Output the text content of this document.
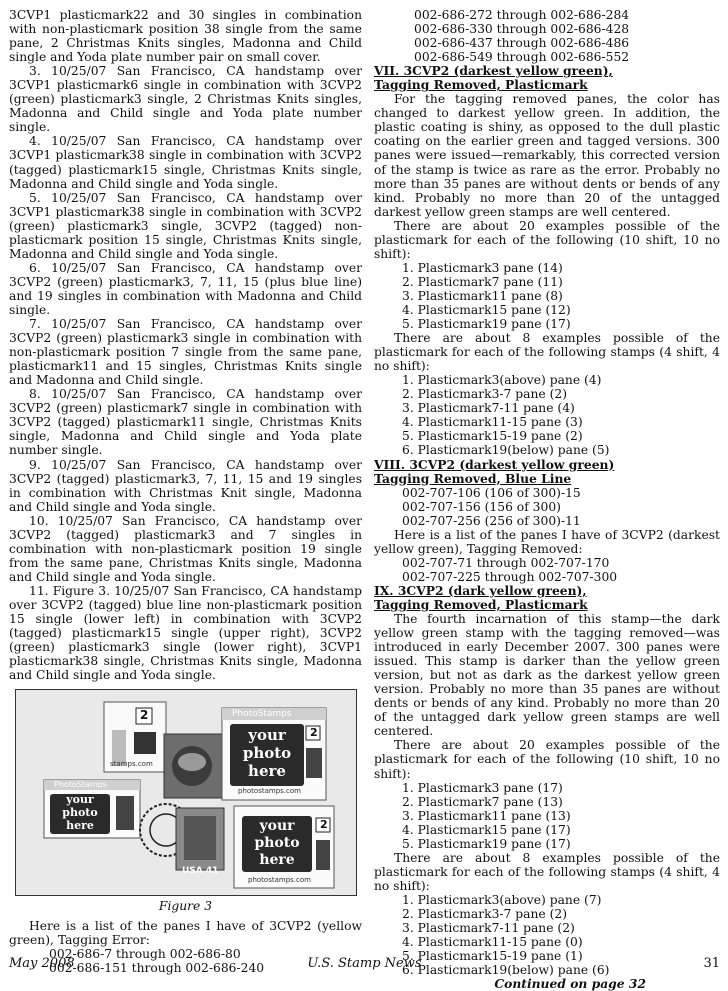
3CVP1 plasticmark22 and 30 singles in combination with non-plasticmark position 38 single from the same pane, 2 Christmas Knits singles, Madonna and Child single and Yoda plate number pair on small cover.

3. 10/25/07 San Francisco, CA handstamp over 3CVP1 plasticmark6 single in combination with 3CVP2 (green) plasticmark3 single, 2 Christmas Knits singles, Madonna and Child single and Yoda plate number single.

4. 10/25/07 San Francisco, CA handstamp over 3CVP1 plasticmark38 single in combination with 3CVP2 (tagged) plasticmark15 single, Christmas Knits single, Madonna and Child single and Yoda single.

5. 10/25/07 San Francisco, CA handstamp over 3CVP1 plasticmark38 single in combination with 3CVP2 (green) plasticmark3 single, 3CVP2 (tagged) non-plasticmark position 15 single, Christmas Knits single, Madonna and Child single and Yoda single.

6. 10/25/07 San Francisco, CA handstamp over 3CVP2 (green) plasticmark3, 7, 11, 15 (plus blue line) and 19 singles in combination with Madonna and Child single.

7. 10/25/07 San Francisco, CA handstamp over 3CVP2 (green) plasticmark3 single in combination with non-plasticmark position 7 single from the same pane, plasticmark11 and 15 singles, Christmas Knits single and Madonna and Child single.

8. 10/25/07 San Francisco, CA handstamp over 3CVP2 (green) plasticmark7 single in combination with 3CVP2 (tagged) plasticmark11 single, Christmas Knits single, Madonna and Child single and Yoda plate number single.

9. 10/25/07 San Francisco, CA handstamp over 3CVP2 (tagged) plasticmark3, 7, 11, 15 and 19 singles in combination with Christmas Knit single, Madonna and Child single and Yoda single.

10. 10/25/07 San Francisco, CA handstamp over 3CVP2 (tagged) plasticmark3 and 7 singles in combination with non-plasticmark position 19 single from the same pane, Christmas Knits single, Madonna and Child single and Yoda single.

11. Figure 3. 10/25/07 San Francisco, CA handstamp over 3CVP2 (tagged) blue line non-plasticmark position 15 single (lower left) in combination with 3CVP2 (tagged) plasticmark15 single (upper right), 3CVP2 (green) plasticmark3 single (lower right), 3CVP1 plasticmark38 single, Christmas Knits single, Madonna and Child single and Yoda single.

2	PhotoStamps
2
your
photo
here
photostamps.com
PhotoStamps
your
photo
here	your
photo
here
2
photostamps.com
USA 41
stamps.com
Figure 3

Here is a list of the panes I have of 3CVP2 (yellow green), Tagging Error:

002-686-7 through 002-686-80
002-686-151 through 002-686-240
002-686-272 through 002-686-284
002-686-330 through 002-686-428
002-686-437 through 002-686-486
002-686-549 through 002-686-552
VII. 3CVP2 (darkest yellow green),
Tagging Removed, Plasticmark

For the tagging removed panes, the color has changed to darkest yellow green. In addition, the plastic coating is shiny, as opposed to the dull plastic coating on the earlier green and tagged versions. 300 panes were issued—remarkably, this corrected version of the stamp is twice as rare as the error. Probably no more than 35 panes are without dents or bends of any kind. Probably no more than 20 of the untagged darkest yellow green stamps are well centered.

There are about 20 examples possible of the plasticmark for each of the following (10 shift, 10 no shift):

1. Plasticmark3 pane (14)
2. Plasticmark7 pane (11)
3. Plasticmark11 pane (8)
4. Plasticmark15 pane (12)
5. Plasticmark19 pane (17)

There are about 8 examples possible of the plasticmark for each of the following stamps (4 shift, 4 no shift):

1. Plasticmark3(above) pane (4)
2. Plasticmark3-7 pane (2)
3. Plasticmark7-11 pane (4)
4. Plasticmark11-15 pane (3)
5. Plasticmark15-19 pane (2)
6. Plasticmark19(below) pane (5)
VIII. 3CVP2 (darkest yellow green)
Tagging Removed, Blue Line
002-707-106 (106 of 300)-15
002-707-156 (156 of 300)
002-707-256 (256 of 300)-11

Here is a list of the panes I have of 3CVP2 (darkest yellow green), Tagging Removed:

002-707-71 through 002-707-170
002-707-225 through 002-707-300
IX. 3CVP2 (dark yellow green),
Tagging Removed, Plasticmark

The fourth incarnation of this stamp—the dark yellow green stamp with the tagging removed—was introduced in early December 2007. 300 panes were issued. This stamp is darker than the yellow green version, but not as dark as the darkest yellow green version. Probably no more than 35 panes are without dents or bends of any kind. Probably no more than 20 of the untagged dark yellow green stamps are well centered.

There are about 20 examples possible of the plasticmark for each of the following (10 shift, 10 no shift):

1. Plasticmark3 pane (17)
2. Plasticmark7 pane (13)
3. Plasticmark11 pane (13)
4. Plasticmark15 pane (17)
5. Plasticmark19 pane (17)

There are about 8 examples possible of the plasticmark for each of the following stamps (4 shift, 4 no shift):

1. Plasticmark3(above) pane (7)
2. Plasticmark3-7 pane (2)
3. Plasticmark7-11 pane (2)
4. Plasticmark11-15 pane (0)
5. Plasticmark15-19 pane (1)
6. Plasticmark19(below) pane (6)
Continued on page 32
May 2008	U.S. Stamp News	31
